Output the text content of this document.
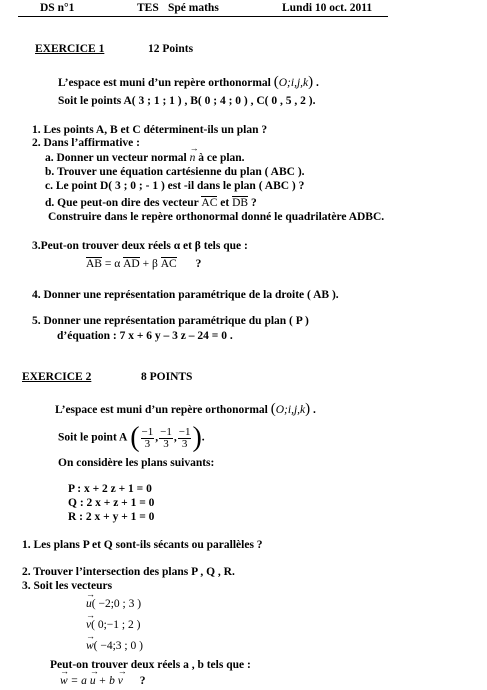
DS n°1	TES Spé maths	Lundi 10 oct. 2011
EXERCICE 1	12 Points
L’espace est muni d’un repère orthonormal (O;i,j,k) .
Soit le points A( 3 ; 1 ; 1 ) , B( 0 ; 4 ; 0 ) , C( 0 , 5 , 2 ).
1. Les points A, B et C déterminent-ils un plan ?
2. Dans l’affirmative :
a. Donner un vecteur normal → n à ce plan.
b. Trouver une équation cartésienne du plan ( ABC ).
c. Le point D( 3 ; 0 ; - 1 ) est -il dans le plan ( ABC ) ?
d. Que peut-on dire des vecteur AC et DB ?
Construire dans le repère orthonormal donné le quadrilatère ADBC.
3.Peut-on trouver deux réels α et β tels que :
AB = α AD + β AC ?
4. Donner une représentation paramétrique de la droite ( AB ).
5. Donner une représentation paramétrique du plan ( P )
d’équation : 7 x + 6 y – 3 z – 24 = 0 .
EXERCICE 2	8 POINTS
L’espace est muni d’un repère orthonormal (O;i,j,k) .
Soit le point A ( $\frac{-1}{3}$ , $\frac{-1}{3}$ , $\frac{-1}{3}$ ).
On considère les plans suivants:
P : x + 2 z + 1 = 0
Q : 2 x + z + 1 = 0
R : 2 x + y + 1 = 0
1. Les plans P et Q sont-ils sécants ou parallèles ?
2. Trouver l’intersection des plans P , Q , R.
3. Soit les vecteurs
→ u( −2;0 ; 3 )
→ v( 0;−1 ; 2 )
→ w( −4;3 ; 0 )
Peut-on trouver deux réels a , b tels que :
→ w = a → u + b → v ?
